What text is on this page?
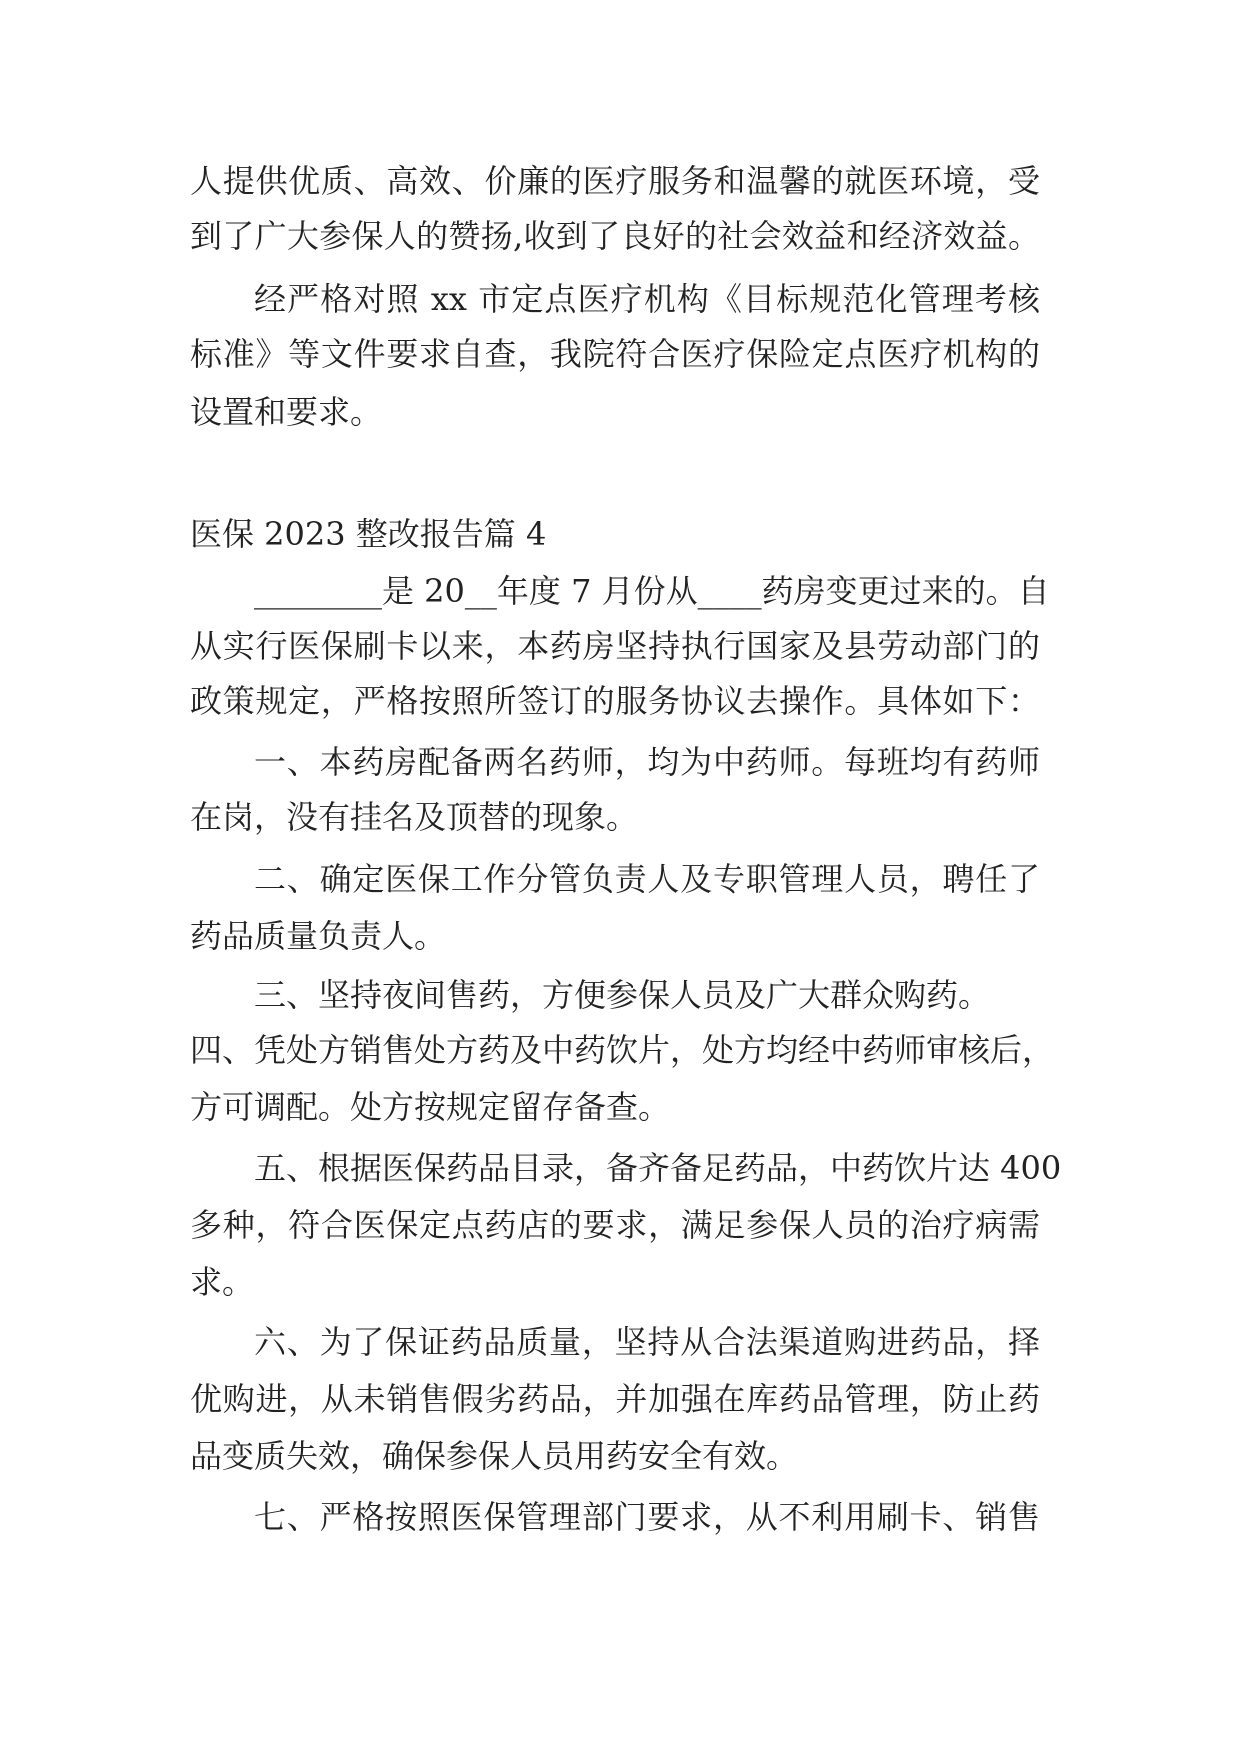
人提供优质、高效、价廉的医疗服务和温馨的就医环境，受

到了广大参保人的赞扬,收到了良好的社会效益和经济效益。

经严格对照 xx 市定点医疗机构《目标规范化管理考核

标准》等文件要求自查，我院符合医疗保险定点医疗机构的

设置和要求。

医保 2023 整改报告篇 4

________是 20__年度 7 月份从____药房变更过来的。自

从实行医保刷卡以来，本药房坚持执行国家及县劳动部门的

政策规定，严格按照所签订的服务协议去操作。具体如下：

一、本药房配备两名药师，均为中药师。每班均有药师

在岗，没有挂名及顶替的现象。

二、确定医保工作分管负责人及专职管理人员，聘任了

药品质量负责人。

三、坚持夜间售药，方便参保人员及广大群众购药。

四、凭处方销售处方药及中药饮片，处方均经中药师审核后，

方可调配。处方按规定留存备查。

五、根据医保药品目录，备齐备足药品，中药饮片达 400

多种，符合医保定点药店的要求，满足参保人员的治疗病需

求。

六、为了保证药品质量，坚持从合法渠道购进药品，择

优购进，从未销售假劣药品，并加强在库药品管理，防止药

品变质失效，确保参保人员用药安全有效。

七、严格按照医保管理部门要求，从不利用刷卡、销售
